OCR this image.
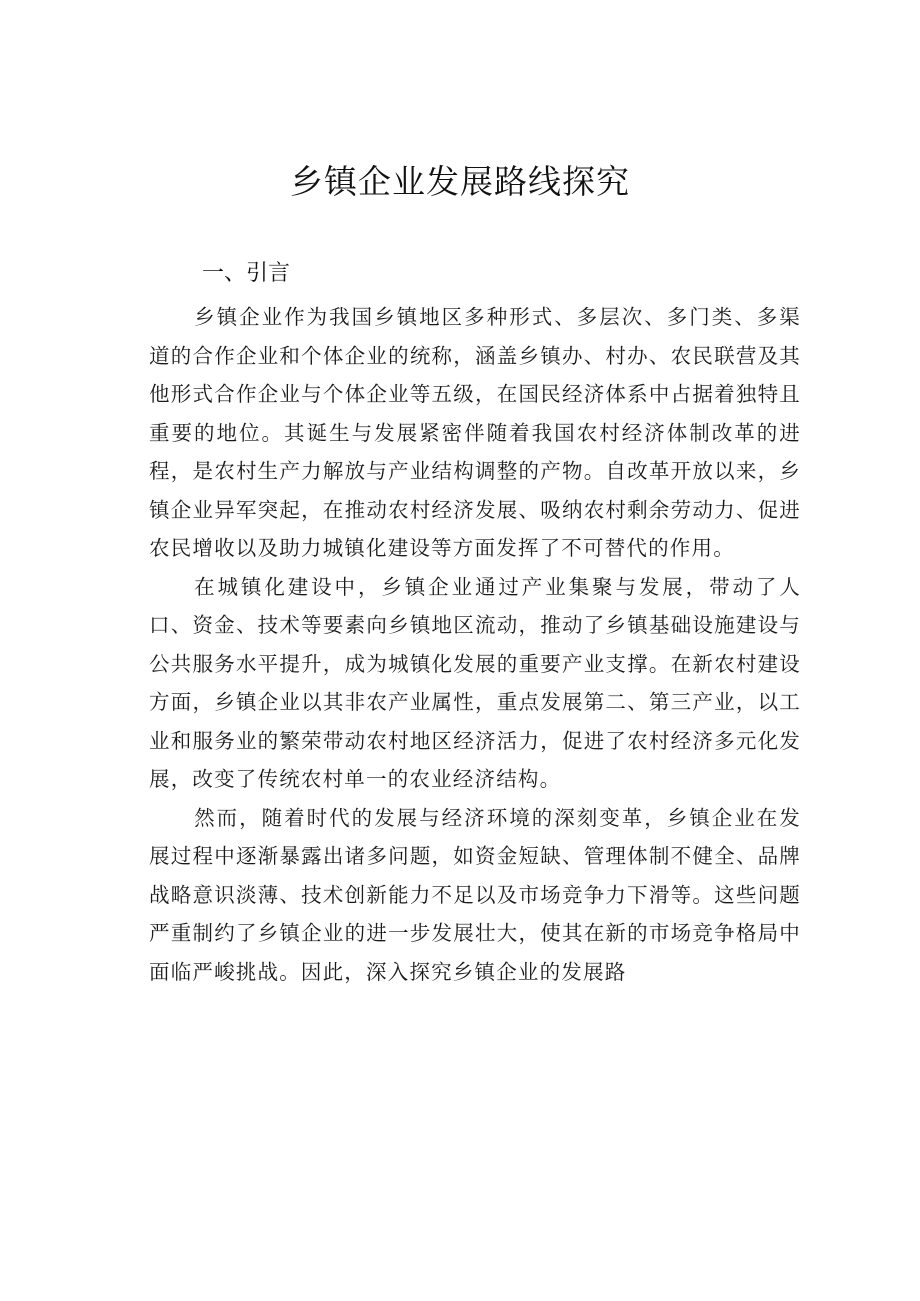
乡镇企业发展路线探究
一、引言

乡镇企业作为我国乡镇地区多种形式、多层次、多门类、多渠道的合作企业和个体企业的统称，涵盖乡镇办、村办、农民联营及其他形式合作企业与个体企业等五级，在国民经济体系中占据着独特且重要的地位。其诞生与发展紧密伴随着我国农村经济体制改革的进程，是农村生产力解放与产业结构调整的产物。自改革开放以来，乡镇企业异军突起，在推动农村经济发展、吸纳农村剩余劳动力、促进农民增收以及助力城镇化建设等方面发挥了不可替代的作用。

在城镇化建设中，乡镇企业通过产业集聚与发展，带动了人口、资金、技术等要素向乡镇地区流动，推动了乡镇基础设施建设与公共服务水平提升，成为城镇化发展的重要产业支撑。在新农村建设方面，乡镇企业以其非农产业属性，重点发展第二、第三产业，以工业和服务业的繁荣带动农村地区经济活力，促进了农村经济多元化发展，改变了传统农村单一的农业经济结构。

然而，随着时代的发展与经济环境的深刻变革，乡镇企业在发展过程中逐渐暴露出诸多问题，如资金短缺、管理体制不健全、品牌战略意识淡薄、技术创新能力不足以及市场竞争力下滑等。这些问题严重制约了乡镇企业的进一步发展壮大，使其在新的市场竞争格局中面临严峻挑战。因此，深入探究乡镇企业的发展路
